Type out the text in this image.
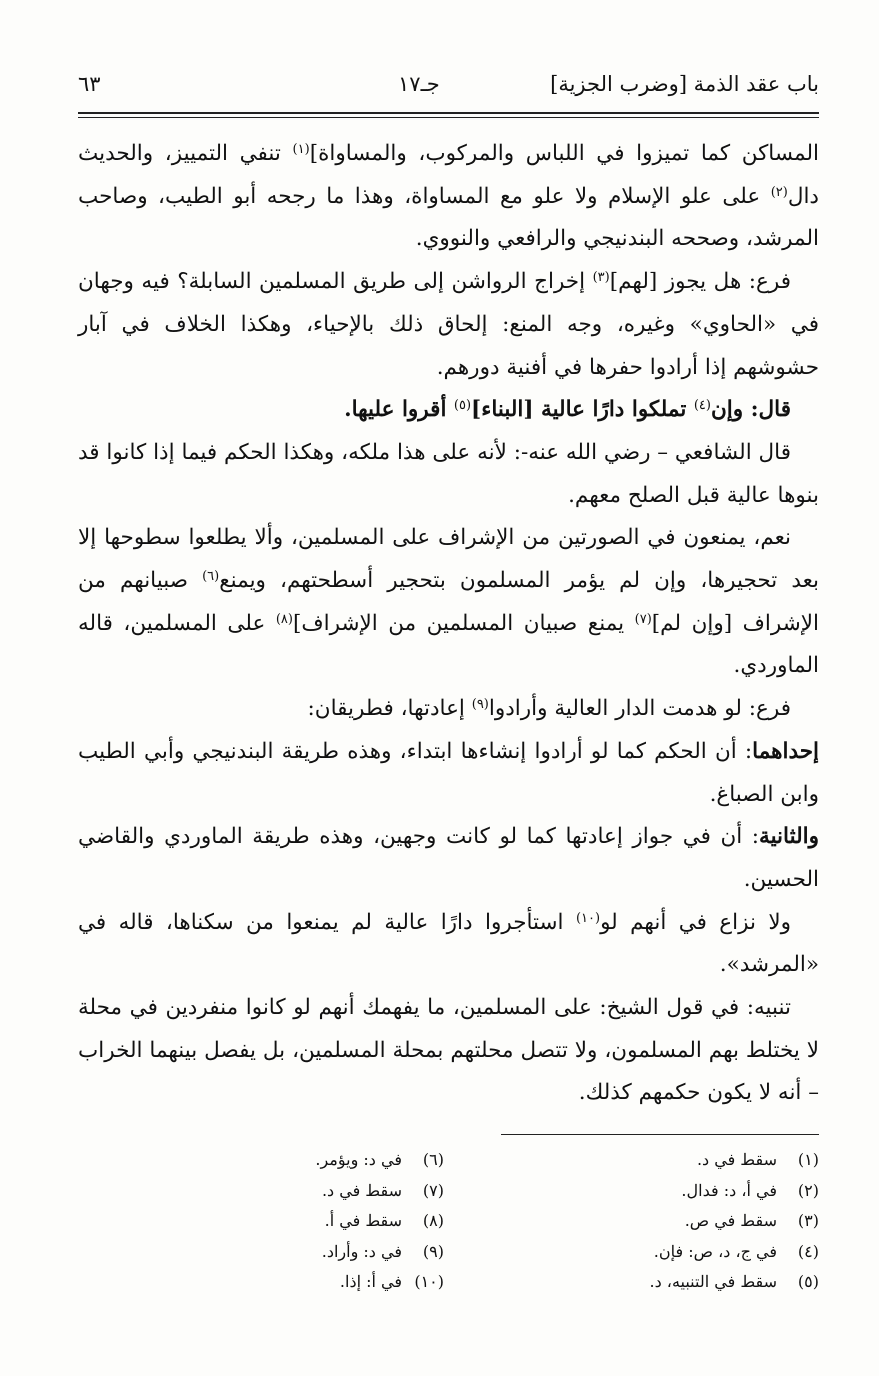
باب عقد الذمة [وضرب الجزية]
جـ١٧
٦٣

المساكن كما تميزوا في اللباس والمركوب، والمساواة]$^{(١)}$ تنفي التمييز، والحديث دال$^{(٢)}$ على علو الإسلام ولا علو مع المساواة، وهذا ما رجحه أبو الطيب، وصاحب المرشد، وصححه البندنيجي والرافعي والنووي.

فرع: هل يجوز [لهم]$^{(٣)}$ إخراج الرواشن إلى طريق المسلمين السابلة؟ فيه وجهان في «الحاوي» وغيره، وجه المنع: إلحاق ذلك بالإحياء، وهكذا الخلاف في آبار حشوشهم إذا أرادوا حفرها في أفنية دورهم.

قال: وإن$^{(٤)}$ تملكوا دارًا عالية [البناء]$^{(٥)}$ أقروا عليها.

قال الشافعي – رضي الله عنه-: لأنه على هذا ملكه، وهكذا الحكم فيما إذا كانوا قد بنوها عالية قبل الصلح معهم.

نعم، يمنعون في الصورتين من الإشراف على المسلمين، وألا يطلعوا سطوحها إلا بعد تحجيرها، وإن لم يؤمر المسلمون بتحجير أسطحتهم، ويمنع$^{(٦)}$ صبيانهم من الإشراف [وإن لم]$^{(٧)}$ يمنع صبيان المسلمين من الإشراف]$^{(٨)}$ على المسلمين، قاله الماوردي.

فرع: لو هدمت الدار العالية وأرادوا$^{(٩)}$ إعادتها، فطريقان:

إحداهما: أن الحكم كما لو أرادوا إنشاءها ابتداء، وهذه طريقة البندنيجي وأبي الطيب وابن الصباغ.

والثانية: أن في جواز إعادتها كما لو كانت وجهين، وهذه طريقة الماوردي والقاضي الحسين.

ولا نزاع في أنهم لو$^{(١٠)}$ استأجروا دارًا عالية لم يمنعوا من سكناها، قاله في «المرشد».

تنبيه: في قول الشيخ: على المسلمين، ما يفهمك أنهم لو كانوا منفردين في محلة لا يختلط بهم المسلمون، ولا تتصل محلتهم بمحلة المسلمين، بل يفصل بينهما الخراب – أنه لا يكون حكمهم كذلك.

(١)سقط في د.
(٢)في أ، د: فدال.
(٣)سقط في ص.
(٤)في ج، د، ص: فإن.
(٥)سقط في التنبيه، د.
(٦)في د: ويؤمر.
(٧)سقط في د.
(٨)سقط في أ.
(٩)في د: وأراد.
(١٠)في أ: إذا.
